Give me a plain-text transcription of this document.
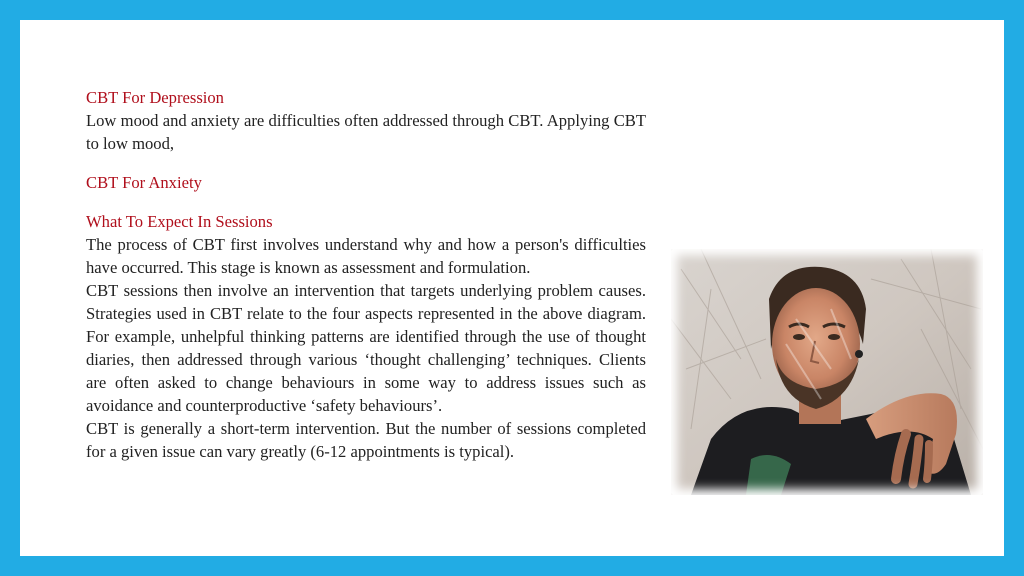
CBT For Depression

Low mood and anxiety are difficulties often addressed through CBT. Applying CBT to low mood,

CBT For Anxiety
What To Expect In Sessions

The process of CBT first involves understand why and how a person's difficulties have occurred. This stage is known as assessment and formulation.

CBT sessions then involve an intervention that targets underlying problem causes. Strategies used in CBT relate to the four aspects represented in the above diagram. For example, unhelpful thinking patterns are identified through the use of thought diaries, then addressed through various ‘thought challenging’ techniques. Clients are often asked to change behaviours in some way to address issues such as avoidance and counterproductive ‘safety behaviours’.

CBT is generally a short-term intervention. But the number of sessions completed for a given issue can vary greatly (6-12 appointments is typical).
